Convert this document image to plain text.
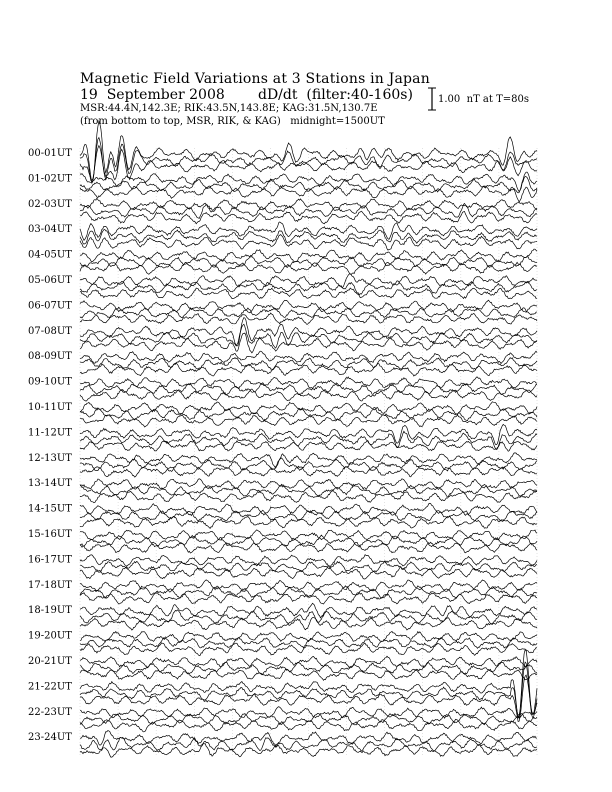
Magnetic Field Variations at 3 Stations in Japan
19  September 2008 dD/dt  (filter:40-160s)
MSR:44.4N,142.3E; RIK:43.5N,143.8E; KAG:31.5N,130.7E
(from bottom to top, MSR, RIK, & KAG)   midnight=1500UT
1.00  nT at T=80s
00-01UT
01-02UT
02-03UT
03-04UT
04-05UT
05-06UT
06-07UT
07-08UT
08-09UT
09-10UT
10-11UT
11-12UT
12-13UT
13-14UT
14-15UT
15-16UT
16-17UT
17-18UT
18-19UT
19-20UT
20-21UT
21-22UT
22-23UT
23-24UT
